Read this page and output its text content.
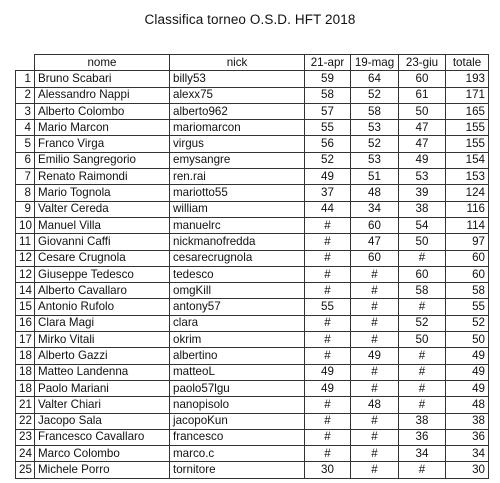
Classifica torneo O.S.D. HFT 2018
	nome	nick	21-apr	19-mag	23-giu	totale
1	Bruno Scabari	billy53	59	64	60	193
2	Alessandro Nappi	alexx75	58	52	61	171
3	Alberto Colombo	alberto962	57	58	50	165
4	Mario Marcon	mariomarcon	55	53	47	155
5	Franco Virga	virgus	56	52	47	155
6	Emilio Sangregorio	emysangre	52	53	49	154
7	Renato Raimondi	ren.rai	49	51	53	153
8	Mario Tognola	mariotto55	37	48	39	124
9	Valter Cereda	william	44	34	38	116
10	Manuel Villa	manuelrc	#	60	54	114
11	Giovanni Caffi	nickmanofredda	#	47	50	97
12	Cesare Crugnola	cesarecrugnola	#	60	#	60
12	Giuseppe Tedesco	tedesco	#	#	60	60
14	Alberto Cavallaro	omgKill	#	#	58	58
15	Antonio Rufolo	antony57	55	#	#	55
16	Clara Magi	clara	#	#	52	52
17	Mirko Vitali	okrim	#	#	50	50
18	Alberto Gazzi	albertino	#	49	#	49
18	Matteo Landenna	matteoL	49	#	#	49
18	Paolo Mariani	paolo57lgu	49	#	#	49
21	Valter Chiari	nanopisolo	#	48	#	48
22	Jacopo Sala	jacopoKun	#	#	38	38
23	Francesco Cavallaro	francesco	#	#	36	36
24	Marco Colombo	marco.c	#	#	34	34
25	Michele Porro	tornitore	30	#	#	30
